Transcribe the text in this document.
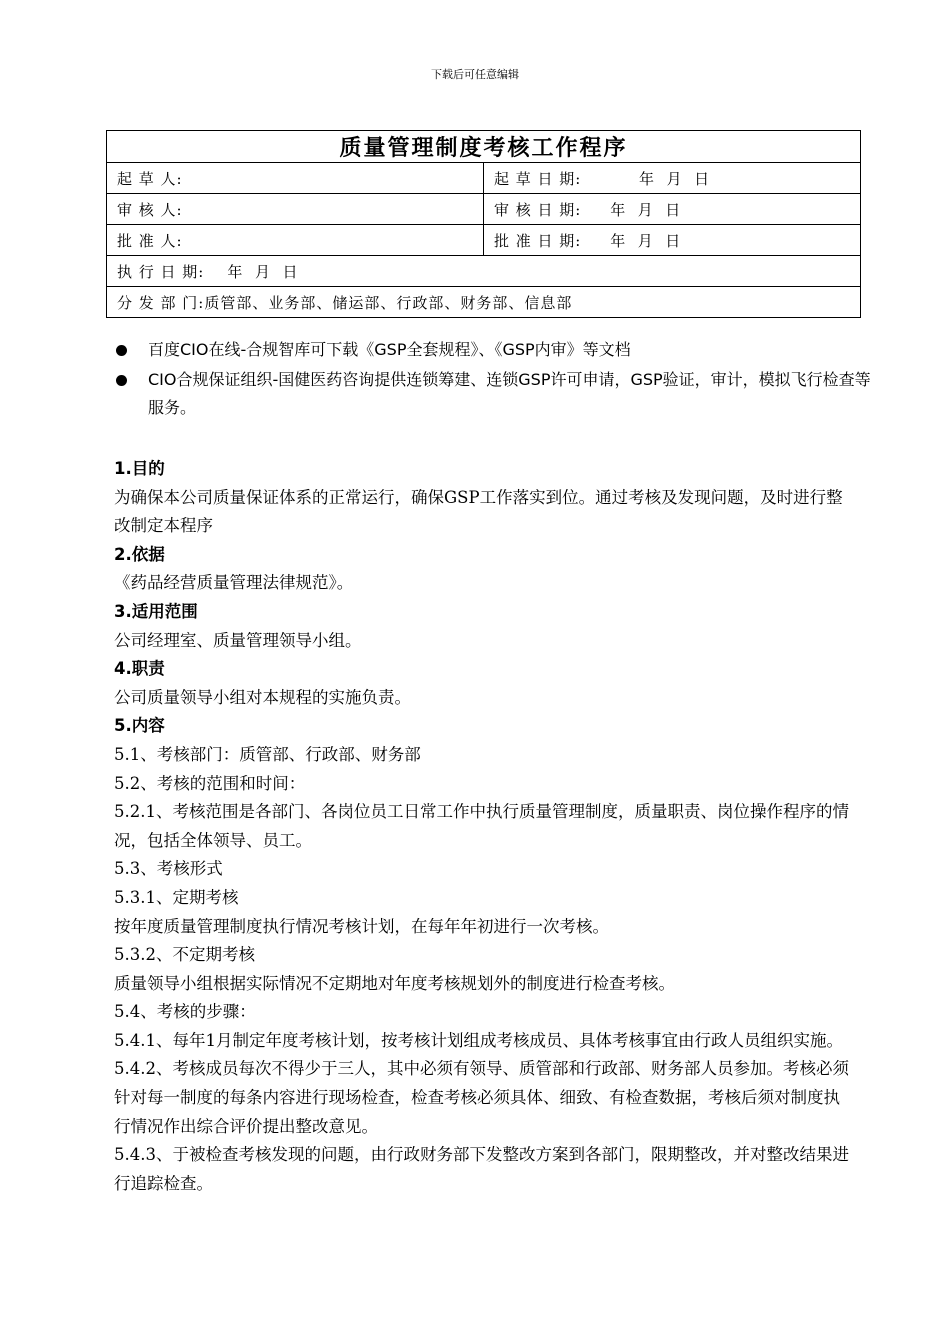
下载后可任意编辑
质量管理制度考核工作程序	
起 草 人:	起 草 日 期:          年  月  日
审 核 人:	审 核 日 期:     年  月  日
批 准 人:	批 准 日 期:     年  月  日
执 行 日 期:    年  月  日	
分 发 部 门:质管部、业务部、储运部、行政部、财务部、信息部	
百度CIO在线-合规智库可下载《GSP全套规程》、《GSP内审》等文档
CIO合规保证组织-国健医药咨询提供连锁筹建、连锁GSP许可申请，GSP验证，审计，模拟飞行检查等服务。

1.目的

为确保本公司质量保证体系的正常运行，确保GSP工作落实到位。通过考核及发现问题，及时进行整改制定本程序

2.依据

《药品经营质量管理法律规范》。

3.适用范围

公司经理室、质量管理领导小组。

4.职责

公司质量领导小组对本规程的实施负责。

5.内容

5.1、考核部门：质管部、行政部、财务部

5.2、考核的范围和时间：

5.2.1、考核范围是各部门、各岗位员工日常工作中执行质量管理制度，质量职责、岗位操作程序的情况，包括全体领导、员工。

5.3、考核形式

5.3.1、定期考核

按年度质量管理制度执行情况考核计划，在每年年初进行一次考核。

5.3.2、不定期考核

质量领导小组根据实际情况不定期地对年度考核规划外的制度进行检查考核。

5.4、考核的步骤：

5.4.1、每年1月制定年度考核计划，按考核计划组成考核成员、具体考核事宜由行政人员组织实施。

5.4.2、考核成员每次不得少于三人，其中必须有领导、质管部和行政部、财务部人员参加。考核必须针对每一制度的每条内容进行现场检查，检查考核必须具体、细致、有检查数据，考核后须对制度执行情况作出综合评价提出整改意见。

5.4.3、于被检查考核发现的问题，由行政财务部下发整改方案到各部门，限期整改，并对整改结果进行追踪检查。
